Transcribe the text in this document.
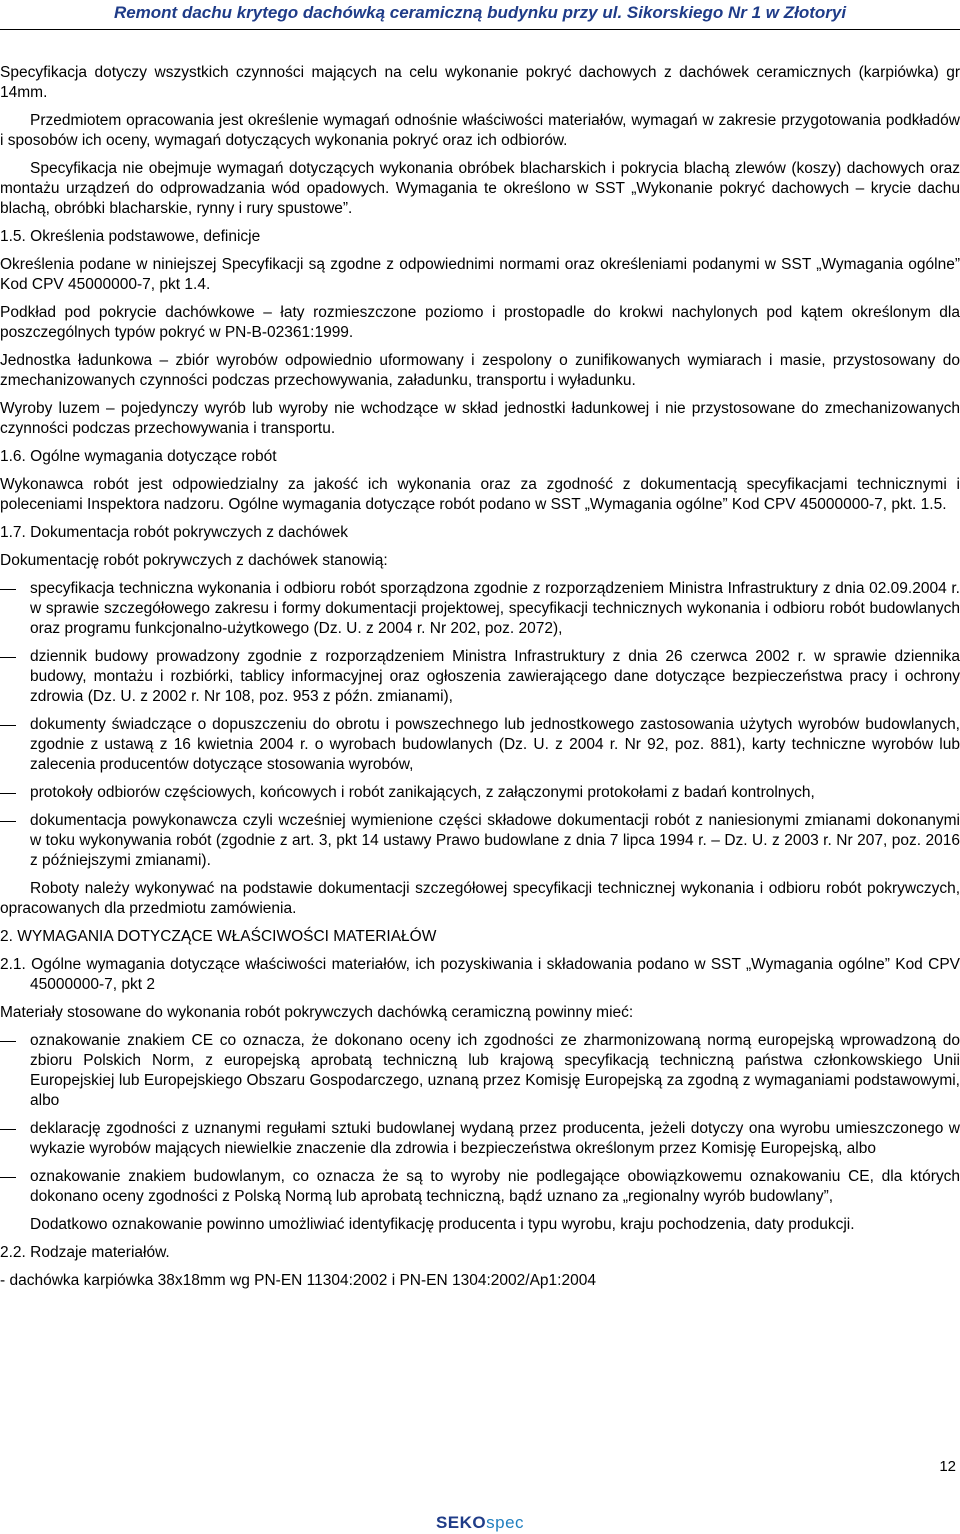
Remont dachu krytego dachówką ceramiczną budynku przy ul. Sikorskiego Nr 1 w Złotoryi

Specyfikacja dotyczy wszystkich czynności mających na celu wykonanie pokryć dachowych z dachówek ceramicznych (karpiówka) gr 14mm.

Przedmiotem opracowania jest określenie wymagań odnośnie właściwości materiałów, wymagań w zakresie przygotowania podkładów i sposobów ich oceny, wymagań dotyczących wykonania pokryć oraz ich odbiorów.

Specyfikacja nie obejmuje wymagań dotyczących wykonania obróbek blacharskich i pokrycia blachą zlewów (koszy) dachowych oraz montażu urządzeń do odprowadzania wód opadowych. Wymagania te określono w SST „Wykonanie pokryć dachowych – krycie dachu blachą, obróbki blacharskie, rynny i rury spustowe”.

1.5. Określenia podstawowe, definicje

Określenia podane w niniejszej Specyfikacji są zgodne z odpowiednimi normami oraz określeniami podanymi w SST „Wymagania ogólne” Kod CPV 45000000-7, pkt 1.4.

Podkład pod pokrycie dachówkowe – łaty rozmieszczone poziomo i prostopadle do krokwi nachylonych pod kątem określonym dla poszczególnych typów pokryć w PN-B-02361:1999.

Jednostka ładunkowa – zbiór wyrobów odpowiednio uformowany i zespolony o zunifikowanych wymiarach i masie, przystosowany do zmechanizowanych czynności podczas przechowywania, załadunku, transportu i wyładunku.

Wyroby luzem – pojedynczy wyrób lub wyroby nie wchodzące w skład jednostki ładunkowej i nie przystosowane do zmechanizowanych czynności podczas przechowywania i transportu.

1.6. Ogólne wymagania dotyczące robót

Wykonawca robót jest odpowiedzialny za jakość ich wykonania oraz za zgodność z dokumentacją specyfikacjami technicznymi i poleceniami Inspektora nadzoru. Ogólne wymagania dotyczące robót podano w SST „Wymagania ogólne” Kod CPV 45000000-7, pkt. 1.5.

1.7. Dokumentacja robót pokrywczych z dachówek

Dokumentację robót pokrywczych z dachówek stanowią:

specyfikacja techniczna wykonania i odbioru robót sporządzona zgodnie z rozporządzeniem Ministra Infrastruktury z dnia 02.09.2004 r. w sprawie szczegółowego zakresu i formy dokumentacji projektowej, specyfikacji technicznych wykonania i odbioru robót budowlanych oraz programu funkcjonalno-użytkowego (Dz. U. z 2004 r. Nr 202, poz. 2072),
dziennik budowy prowadzony zgodnie z rozporządzeniem Ministra Infrastruktury z dnia 26 czerwca 2002 r. w sprawie dziennika budowy, montażu i rozbiórki, tablicy informacyjnej oraz ogłoszenia zawierającego dane dotyczące bezpieczeństwa pracy i ochrony zdrowia (Dz. U. z 2002 r. Nr 108, poz. 953 z późn. zmianami),
dokumenty świadczące o dopuszczeniu do obrotu i powszechnego lub jednostkowego zastosowania użytych wyrobów budowlanych, zgodnie z ustawą z 16 kwietnia 2004 r. o wyrobach budowlanych (Dz. U. z 2004 r. Nr 92, poz. 881), karty techniczne wyrobów lub zalecenia producentów dotyczące stosowania wyrobów,
protokoły odbiorów częściowych, końcowych i robót zanikających, z załączonymi protokołami z badań kontrolnych,
dokumentacja powykonawcza czyli wcześniej wymienione części składowe dokumentacji robót z naniesionymi zmianami dokonanymi w toku wykonywania robót (zgodnie z art. 3, pkt 14 ustawy Prawo budowlane z dnia 7 lipca 1994 r. – Dz. U. z 2003 r. Nr 207, poz. 2016 z późniejszymi zmianami).

Roboty należy wykonywać na podstawie dokumentacji szczegółowej specyfikacji technicznej wykonania i odbioru robót pokrywczych, opracowanych dla przedmiotu zamówienia.

2. WYMAGANIA DOTYCZĄCE WŁAŚCIWOŚCI MATERIAŁÓW

2.1. Ogólne wymagania dotyczące właściwości materiałów, ich pozyskiwania i składowania podano w SST „Wymagania ogólne” Kod CPV 45000000-7, pkt 2

Materiały stosowane do wykonania robót pokrywczych dachówką ceramiczną powinny mieć:

oznakowanie znakiem CE co oznacza, że dokonano oceny ich zgodności ze zharmonizowaną normą europejską wprowadzoną do zbioru Polskich Norm, z europejską aprobatą techniczną lub krajową specyfikacją techniczną państwa członkowskiego Unii Europejskiej lub Europejskiego Obszaru Gospodarczego, uznaną przez Komisję Europejską za zgodną z wymaganiami podstawowymi, albo
deklarację zgodności z uznanymi regułami sztuki budowlanej wydaną przez producenta, jeżeli dotyczy ona wyrobu umieszczonego w wykazie wyrobów mających niewielkie znaczenie dla zdrowia i bezpieczeństwa określonym przez Komisję Europejską, albo
oznakowanie znakiem budowlanym, co oznacza że są to wyroby nie podlegające obowiązkowemu oznakowaniu CE, dla których dokonano oceny zgodności z Polską Normą lub aprobatą techniczną, bądź uznano za „regionalny wyrób budowlany”,

Dodatkowo oznakowanie powinno umożliwiać identyfikację producenta i typu wyrobu, kraju pochodzenia, daty produkcji.

2.2. Rodzaje materiałów.

- dachówka karpiówka 38x18mm wg PN-EN 11304:2002 i PN-EN 1304:2002/Ap1:2004

12
SEKOspec
